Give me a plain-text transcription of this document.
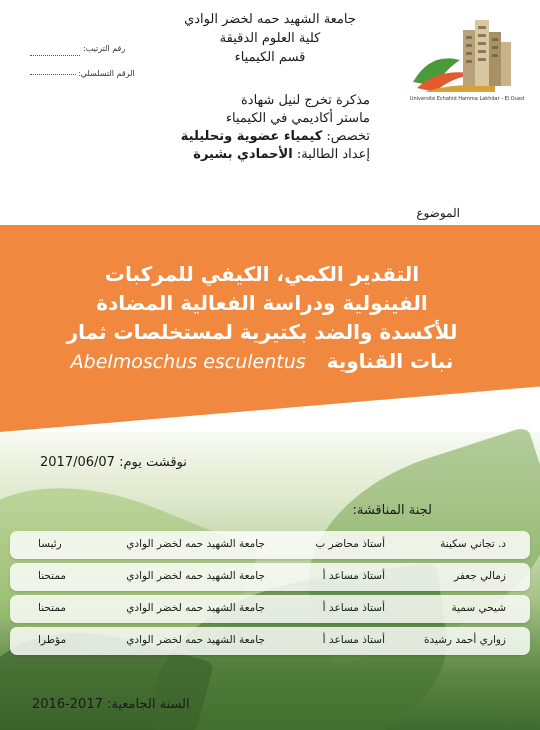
جامعة الشهيد حمه لخضر الوادي
كلية العلوم الدقيقة
قسم الكيمياء
رقم الترتيب:
الرقم التسلسلي:
Université Echahid Hamma Lakhdar - El Oued
مذكرة تخرج لنيل شهادة
ماستر أكاديمي في الكيمياء
تخصص: كيمياء عضوية وتحليلية
إعداد الطالبة: الأحمادي بشيرة
الموضوع
التقدير الكمي، الكيفي للمركبات
الفينولية ودراسة الفعالية المضادة
للأكسدة والضد بكتيرية لمستخلصات ثمار
نبات القناوية   Abelmoschus esculentus
نوقشت يوم: 2017/06/07
لجنة المناقشة:
د. تجاني سكينة
أستاذ محاضر ب
جامعة الشهيد حمه لخضر الوادي
رئيسا
زمالي جعفر
أستاذ مساعد أ
جامعة الشهيد حمه لخضر الوادي
ممتحنا
شيحي سمية
أستاذ مساعد أ
جامعة الشهيد حمه لخضر الوادي
ممتحنا
زواري أحمد رشيدة
أستاذ مساعد أ
جامعة الشهيد حمه لخضر الوادي
مؤطرا
السنة الجامعية: 2016-2017
